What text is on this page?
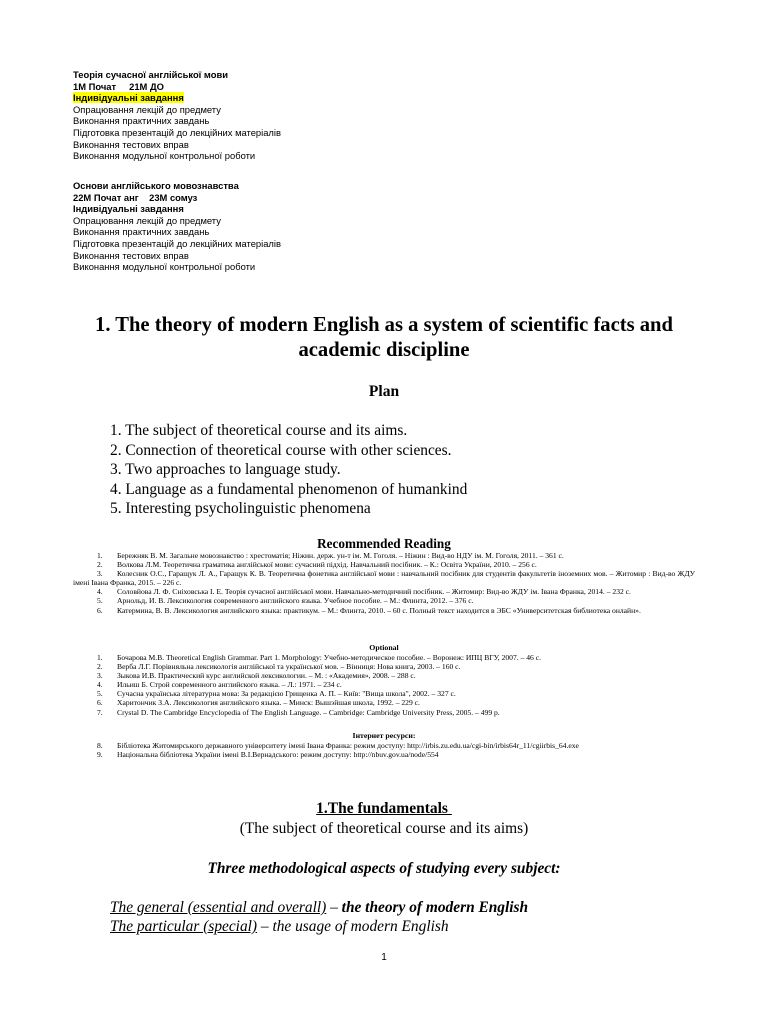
Теорія сучасної англійської мови
1М Почат     21М ДО
Індивідуальні завдання
Опрацювання лекцій до предмету
Виконання практичних завдань
Підготовка презентацій до лекційних матеріалів
Виконання тестових вправ
Виконання модульної контрольної роботи
Основи англійського мовознавства
22М Почат анг    23М сомуз
Індивідуальні завдання
Опрацювання лекцій до предмету
Виконання практичних завдань
Підготовка презентацій до лекційних матеріалів
Виконання тестових вправ
Виконання модульної контрольної роботи
1. The theory of modern English as a system of scientific facts and academic discipline
Plan
1. The subject of theoretical course and its aims.
2. Connection of theoretical course with other sciences.
3. Two approaches to language study.
4. Language as a fundamental phenomenon of humankind
5. Interesting psycholinguistic phenomena
Recommended Reading
1. Бережняк В. М. Загальне мовознавство : хрестоматія; Ніжин. держ. ун-т ім. М. Гоголя. – Ніжин : Вид-во НДУ ім. М. Гоголя, 2011. – 361 с.
2. Волкова Л.М. Теоретична граматика англійської мови: сучасний підхід. Навчальний посібник. – К.: Освіта України, 2010. – 256 с.
3. Колесник О.С., Гаращук Л. А., Гаращук К. В. Теоретична фонетика англійської мови : навчальний посібник для студентів факультетів іноземних мов. – Житомир : Вид-во ЖДУ імені Івана Франка, 2015. – 226 с.
4. Соловйова Л. Ф. Сніховська І. Е. Теорія сучасної англійської мови. Навчально-методичний посібник. – Житомир: Вид-во ЖДУ ім. Івана Франка, 2014. – 232 с.
5. Арнольд, И. В. Лексикология современного английского языка. Учебное пособие. – М.: Флинта, 2012. – 376 с.
6. Катермина, В. В. Лексикология английского языка: практикум. – М.: Флинта, 2010. – 60 с. Полный текст находится в ЭБС «Университетская библиотека онлайн».
Optional
1. Бочарова М.В. Theoretical English Grammar. Part 1. Morphology: Учебно-методическое пособие. – Воронеж: ИПЦ ВГУ, 2007. – 46 с.
2. Верба Л.Г. Порівняльна лексикологія англійської та української мов. – Вінниця: Нова книга, 2003. – 160 с.
3. Зыкова И.В. Практический курс английской лексикологии. – М. : «Академия», 2008. – 288 с.
4. Ильиш Б. Строй современного английского языка. – Л.: 1971. – 234 с.
5. Сучасна українська літературна мова: За редакцією Грищенка А. П. – Київ: "Вища школа", 2002. – 327 с.
6. Харитончик З.А. Лексикология английского языка. – Минск: Вышэйшая школа, 1992. – 229 с.
7. Crystal D. The Cambridge Encyclopedia of The English Language. – Cambridge: Cambridge University Press, 2005. – 499 p.
Інтернет ресурси:
8. Бібліотека Житомирського державного університету імені Івана Франка: режим доступу: http://irbis.zu.edu.ua/cgi-bin/irbis64r_11/cgiirbis_64.exe
9. Національна бібліотека України імені В.І.Вернадського: режим доступу: http://nbuv.gov.ua/node/554
1.The fundamentals
(The subject of theoretical course and its aims)
Three methodological aspects of studying every subject:
The general (essential and overall) – the theory of modern English
The particular (special) – the usage of modern English
1
